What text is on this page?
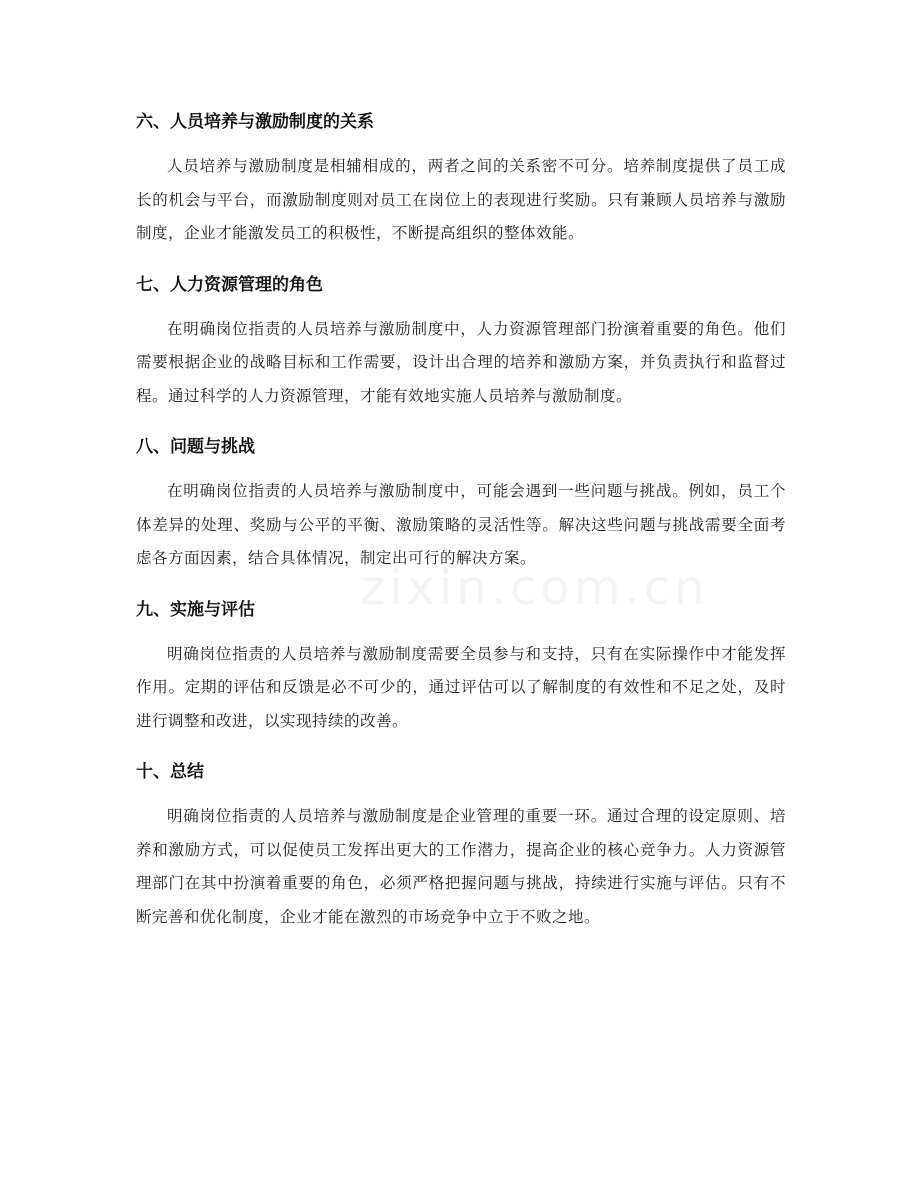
zixin.com.cn
六、人员培养与激励制度的关系

人员培养与激励制度是相辅相成的，两者之间的关系密不可分。培养制度提供了员工成长的机会与平台，而激励制度则对员工在岗位上的表现进行奖励。只有兼顾人员培养与激励制度，企业才能激发员工的积极性，不断提高组织的整体效能。

七、人力资源管理的角色

在明确岗位指责的人员培养与激励制度中，人力资源管理部门扮演着重要的角色。他们需要根据企业的战略目标和工作需要，设计出合理的培养和激励方案，并负责执行和监督过程。通过科学的人力资源管理，才能有效地实施人员培养与激励制度。

八、问题与挑战

在明确岗位指责的人员培养与激励制度中，可能会遇到一些问题与挑战。例如，员工个体差异的处理、奖励与公平的平衡、激励策略的灵活性等。解决这些问题与挑战需要全面考虑各方面因素，结合具体情况，制定出可行的解决方案。

九、实施与评估

明确岗位指责的人员培养与激励制度需要全员参与和支持，只有在实际操作中才能发挥作用。定期的评估和反馈是必不可少的，通过评估可以了解制度的有效性和不足之处，及时进行调整和改进，以实现持续的改善。

十、总结

明确岗位指责的人员培养与激励制度是企业管理的重要一环。通过合理的设定原则、培养和激励方式，可以促使员工发挥出更大的工作潜力，提高企业的核心竞争力。人力资源管理部门在其中扮演着重要的角色，必须严格把握问题与挑战，持续进行实施与评估。只有不断完善和优化制度，企业才能在激烈的市场竞争中立于不败之地。
